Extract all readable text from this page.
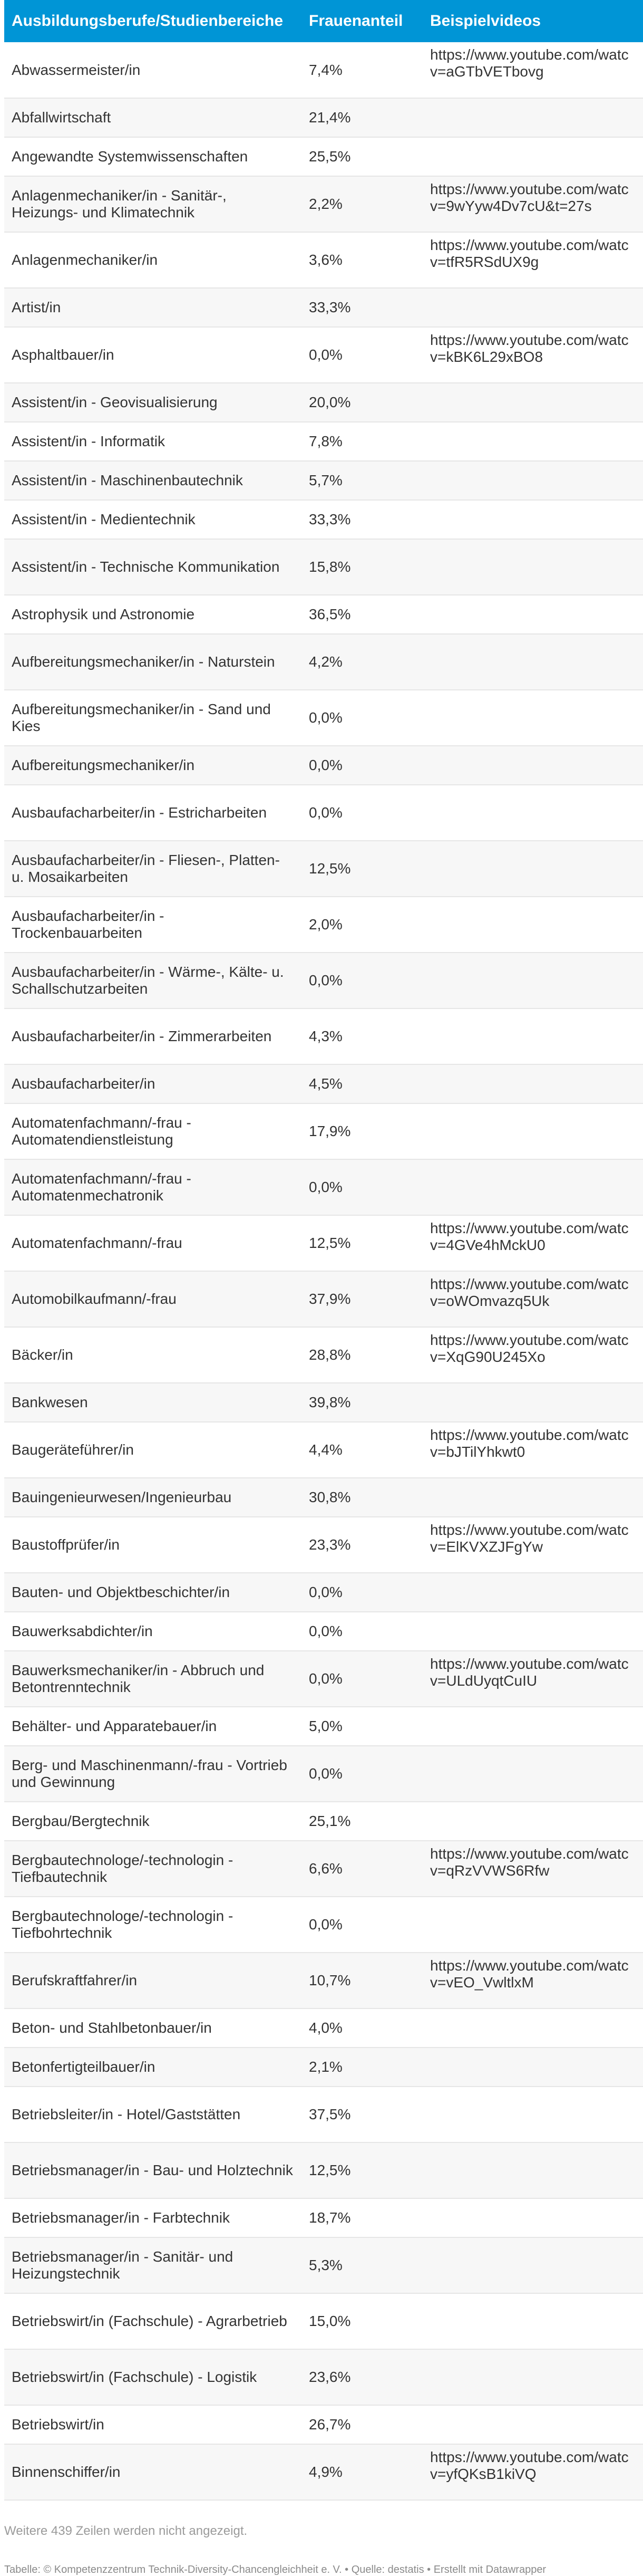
Ausbildungsberufe/Studienbereiche	Frauenanteil	Beispielvideos
Abwassermeister/in	7,4%	https://www.youtube.com/watc
v=aGTbVETbovg
Abfallwirtschaft	21,4%	
Angewandte Systemwissenschaften	25,5%	
Anlagenmechaniker/in - Sanitär-, Heizungs- und Klimatechnik	2,2%	https://www.youtube.com/watc
v=9wYyw4Dv7cU&t=27s
Anlagenmechaniker/in	3,6%	https://www.youtube.com/watc
v=tfR5RSdUX9g
Artist/in	33,3%	
Asphaltbauer/in	0,0%	https://www.youtube.com/watc
v=kBK6L29xBO8
Assistent/in - Geovisualisierung	20,0%	
Assistent/in - Informatik	7,8%	
Assistent/in - Maschinenbautechnik	5,7%	
Assistent/in - Medientechnik	33,3%	
Assistent/in - Technische Kommunikation	15,8%	
Astrophysik und Astronomie	36,5%	
Aufbereitungsmechaniker/in - Naturstein	4,2%	
Aufbereitungsmechaniker/in - Sand und Kies	0,0%	
Aufbereitungsmechaniker/in	0,0%	
Ausbaufacharbeiter/in - Estricharbeiten	0,0%	
Ausbaufacharbeiter/in - Fliesen-, Platten- u. Mosaikarbeiten	12,5%	
Ausbaufacharbeiter/in - Trockenbauarbeiten	2,0%	
Ausbaufacharbeiter/in - Wärme-, Kälte- u. Schallschutzarbeiten	0,0%	
Ausbaufacharbeiter/in - Zimmerarbeiten	4,3%	
Ausbaufacharbeiter/in	4,5%	
Automatenfachmann/-frau - Automatendienstleistung	17,9%	
Automatenfachmann/-frau - Automatenmechatronik	0,0%	
Automatenfachmann/-frau	12,5%	https://www.youtube.com/watc
v=4GVe4hMckU0
Automobilkaufmann/-frau	37,9%	https://www.youtube.com/watc
v=oWOmvazq5Uk
Bäcker/in	28,8%	https://www.youtube.com/watc
v=XqG90U245Xo
Bankwesen	39,8%	
Baugeräteführer/in	4,4%	https://www.youtube.com/watc
v=bJTilYhkwt0
Bauingenieurwesen/Ingenieurbau	30,8%	
Baustoffprüfer/in	23,3%	https://www.youtube.com/watc
v=ElKVXZJFgYw
Bauten- und Objektbeschichter/in	0,0%	
Bauwerksabdichter/in	0,0%	
Bauwerksmechaniker/in - Abbruch und Betontrenntechnik	0,0%	https://www.youtube.com/watc
v=ULdUyqtCuIU
Behälter- und Apparatebauer/in	5,0%	
Berg- und Maschinenmann/-frau - Vortrieb und Gewinnung	0,0%	
Bergbau/Bergtechnik	25,1%	
Bergbautechnologe/-technologin - Tiefbautechnik	6,6%	https://www.youtube.com/watc
v=qRzVVWS6Rfw
Bergbautechnologe/-technologin - Tiefbohrtechnik	0,0%	
Berufskraftfahrer/in	10,7%	https://www.youtube.com/watc
v=vEO_VwltlxM
Beton- und Stahlbetonbauer/in	4,0%	
Betonfertigteilbauer/in	2,1%	
Betriebsleiter/in - Hotel/Gaststätten	37,5%	
Betriebsmanager/in - Bau- und Holztechnik	12,5%	
Betriebsmanager/in - Farbtechnik	18,7%	
Betriebsmanager/in - Sanitär- und Heizungstechnik	5,3%	
Betriebswirt/in (Fachschule) - Agrarbetrieb	15,0%	
Betriebswirt/in (Fachschule) - Logistik	23,6%	
Betriebswirt/in	26,7%	
Binnenschiffer/in	4,9%	https://www.youtube.com/watc
v=yfQKsB1kiVQ
Weitere 439 Zeilen werden nicht angezeigt.
Tabelle: © Kompetenzzentrum Technik-Diversity-Chancengleichheit e. V. • Quelle: destatis • Erstellt mit Datawrapper
